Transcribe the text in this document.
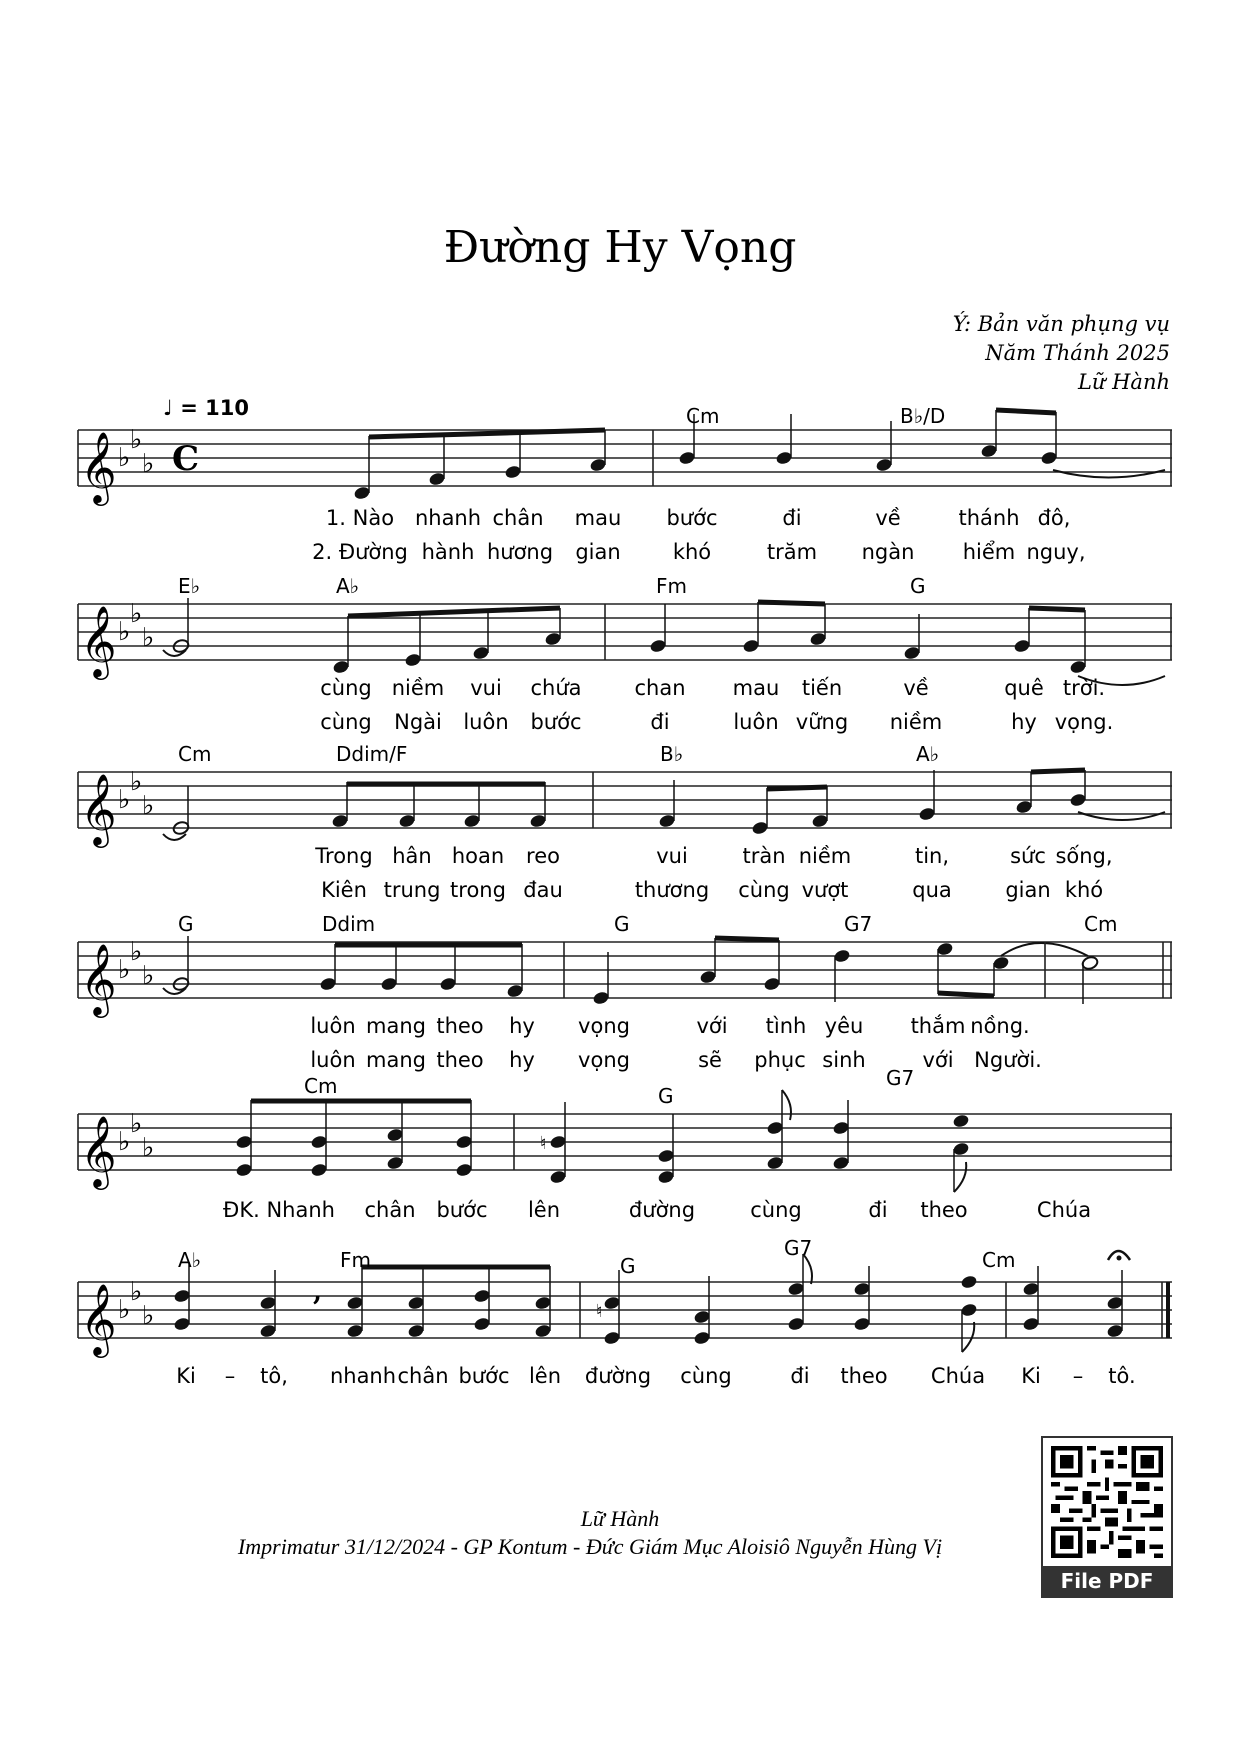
Đường Hy Vọng
Ý: Bản văn phụng vụ
Năm Thánh 2025
Lữ Hành
♩ = 110
C
Cm	B♭/D
1. Nào nhanh chân mau bước	đi	về	thánh đô,
2. Đường hành hương gian khó	trăm ngàn hiểm nguy,
E♭	A♭	Fm	G
cùng niềm vui chứa	chan mau tiến	về	quê trời.
cùng Ngài luôn bước	đi	luôn vững niềm	hy vọng.
Cm	Ddim/F	B♭	A♭
Trong hân hoan reo	vui	tràn niềm	tin,	sức sống,
Kiên trung trong đau	thương cùng vượt	qua	gian khó
G	Ddim	G	G7	Cm
luôn mang theo hy vọng	với tình yêu thắm nồng.
luôn mang theo hy vọng	sẽ phục sinh	với Người.
♮
Cm	G
G7
ĐK. Nhanh chân bước lên	đường	cùng	đi theo	Chúa
,
♮
A♭	Fm	G
G7	Cm
Ki – tô, nhanh chân bước lên đường cùng	đi theo Chúa Ki – tô.
Lữ Hành
Imprimatur 31/12/2024 - GP Kontum - Đức Giám Mục Aloisiô Nguyễn Hùng Vị
File PDF
